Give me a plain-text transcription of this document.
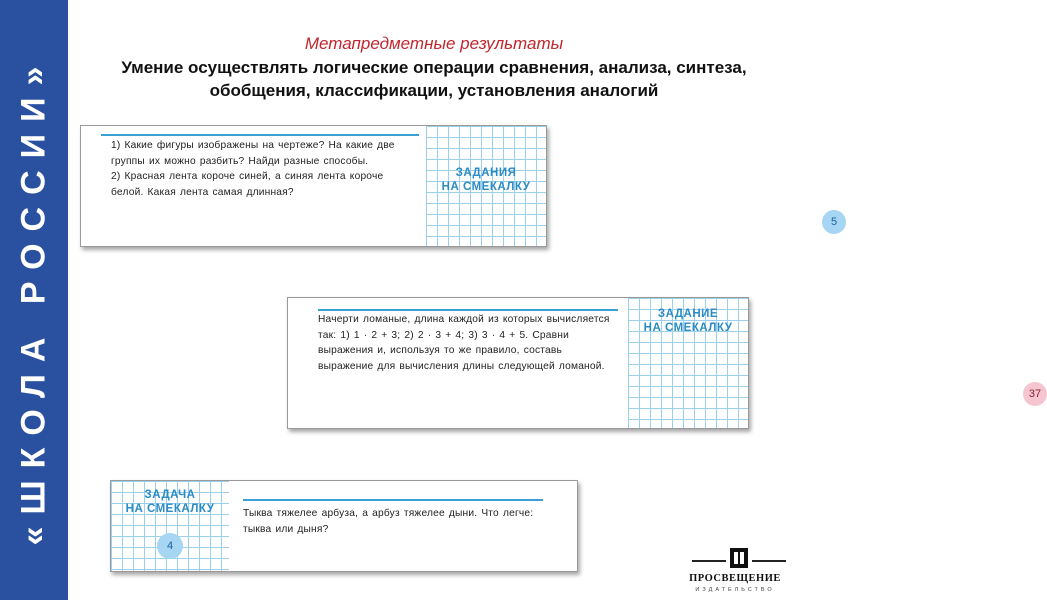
«ШКОЛА РОССИИ»
Метапредметные результаты
Умение осуществлять логические операции сравнения, анализа, синтеза, обобщения, классификации, установления аналогий

1) Какие фигуры изображены на чертеже? На какие две группы их можно разбить? Найди разные способы.

2) Красная лента короче синей, а синяя лента короче белой. Какая лента самая длинная?

ЗАДАНИЯ
НА СМЕКАЛКУ
5

Начерти ломаные, длина каждой из которых вычисляется так: 1) 1 · 2 + 3; 2) 2 · 3 + 4; 3) 3 · 4 + 5. Сравни выражения и, используя то же правило, составь выражение для вычисления длины следующей ломаной.

ЗАДАНИЕ
НА СМЕКАЛКУ
37
ЗАДАЧА
НА СМЕКАЛКУ
4

Тыква тяжелее арбуза, а арбуз тяжелее дыни. Что легче: тыква или дыня?

ПРОСВЕЩЕНИЕ
ИЗДАТЕЛЬСТВО
